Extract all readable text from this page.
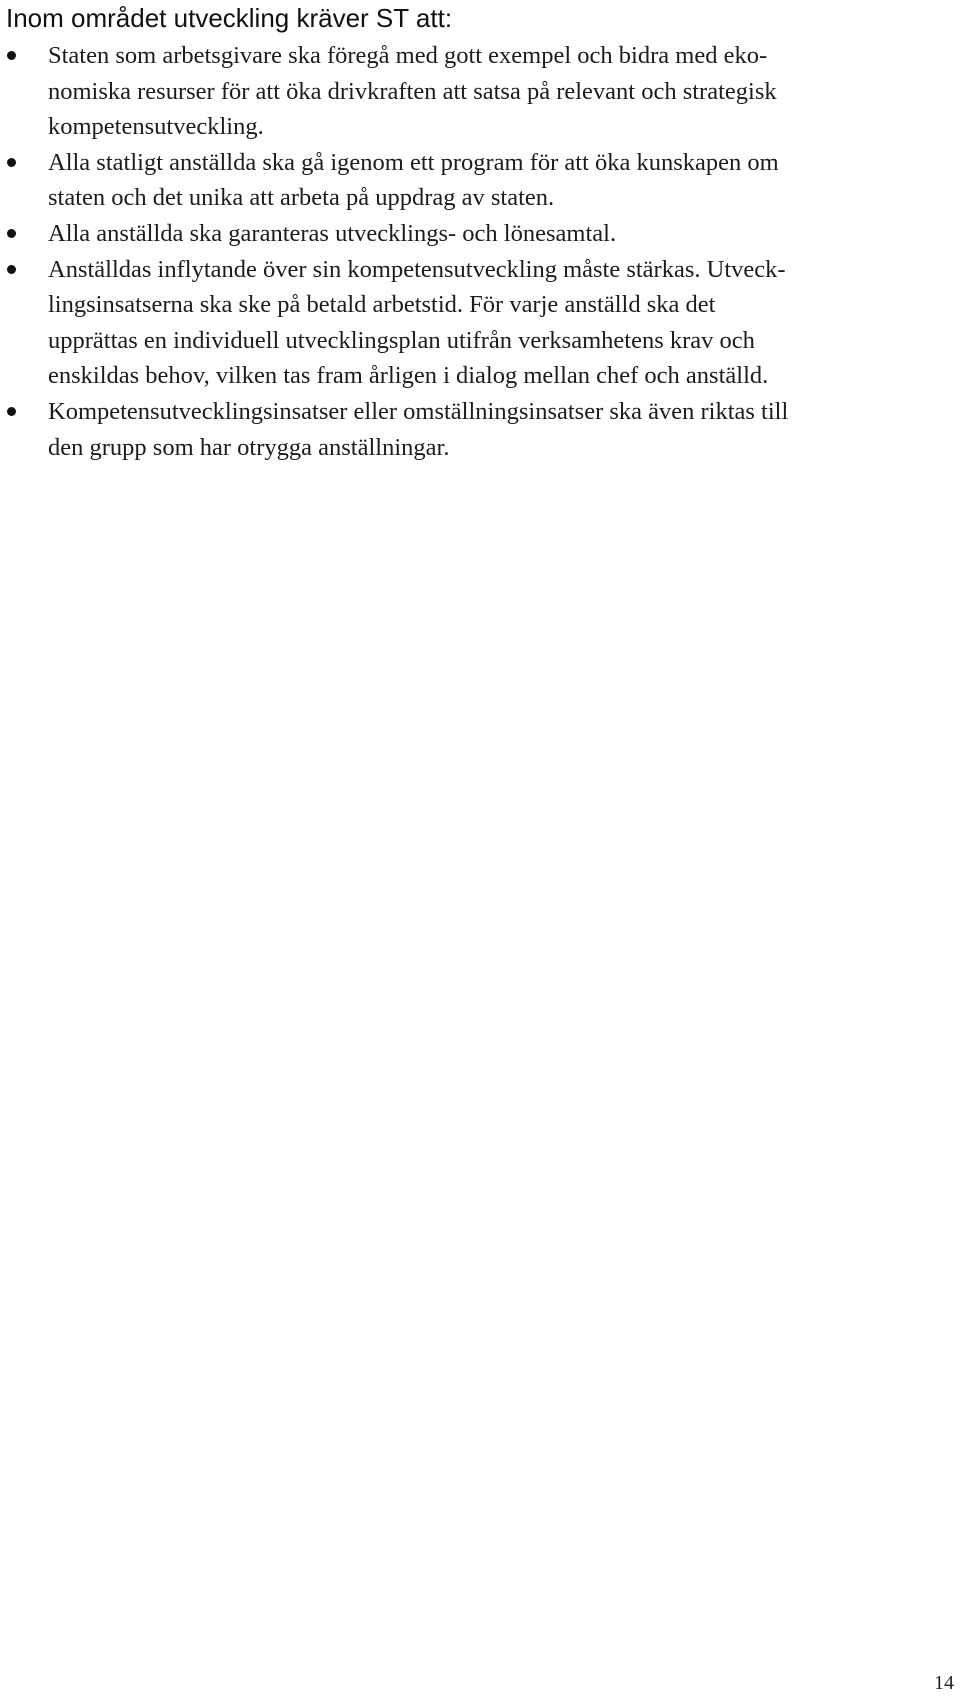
Inom området utveckling kräver ST att:
Staten som arbetsgivare ska föregå med gott exempel och bidra med eko-
nomiska resurser för att öka drivkraften att satsa på relevant och strategisk
kompetensutveckling.
Alla statligt anställda ska gå igenom ett program för att öka kunskapen om
staten och det unika att arbeta på uppdrag av staten.
Alla anställda ska garanteras utvecklings- och lönesamtal.
Anställdas inflytande över sin kompetensutveckling måste stärkas. Utveck-
lingsinsatserna ska ske på betald arbetstid. För varje anställd ska det
upprättas en individuell utvecklingsplan utifrån verksamhetens krav och
enskildas behov, vilken tas fram årligen i dialog mellan chef och anställd.
Kompetensutvecklingsinsatser eller omställningsinsatser ska även riktas till
den grupp som har otrygga anställningar.
14
